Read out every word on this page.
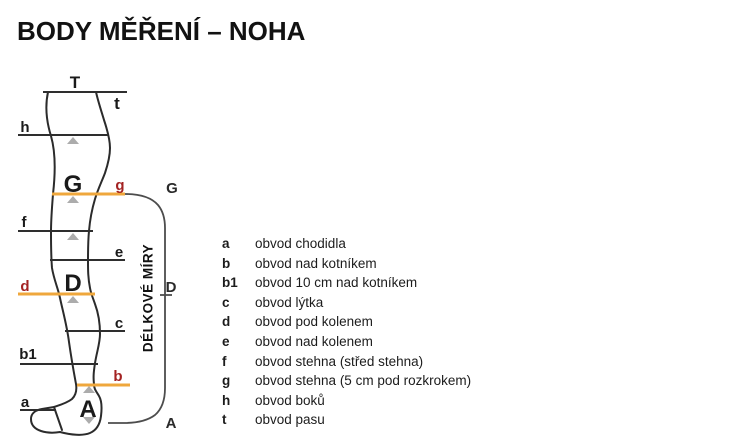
BODY MĚŘENÍ – NOHA
T
t
h
G g
f
e
d D
c
b1
b
a A
G
D
A
DÉLKOVÉ MÍRY
a	obvod chodidla
b	obvod nad kotníkem
b1	obvod 10 cm nad kotníkem
c	obvod lýtka
d	obvod pod kolenem
e	obvod nad kolenem
f	obvod stehna (střed stehna)
g	obvod stehna (5 cm pod rozkrokem)
h	obvod boků
t	obvod pasu
